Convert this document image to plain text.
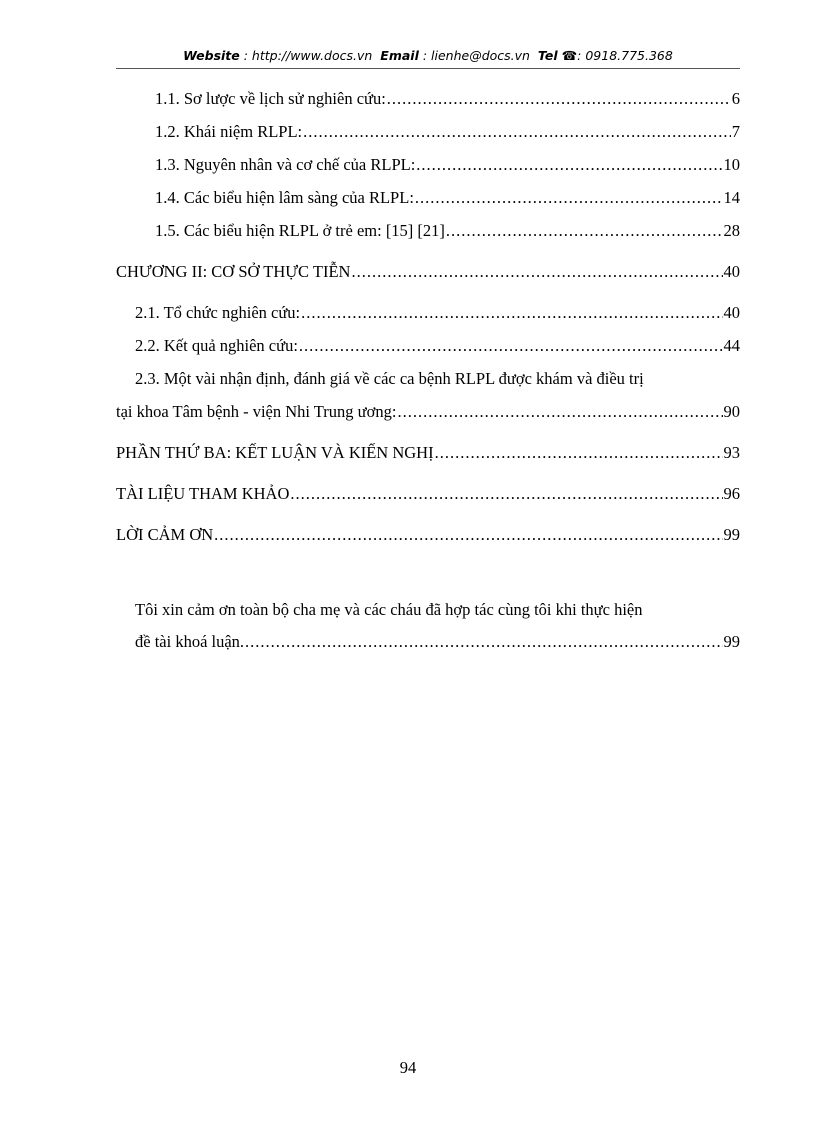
Website : http://www.docs.vn Email : lienhe@docs.vn Tel ☎: 0918.775.368
1.1. Sơ lược về lịch sử nghiên cứu: .....	6
1.2. Khái niệm RLPL: .....	7
1.3. Nguyên nhân và cơ chế của RLPL: .....	10
1.4. Các biểu hiện lâm sàng của RLPL: .....	14
1.5. Các biểu hiện RLPL ở trẻ em: [15] [21] .....	28
CHƯƠNG II: CƠ SỞ THỰC TIỄN .....	40
2.1. Tổ chức nghiên cứu: .....	40
2.2. Kết quả nghiên cứu: .....	44
2.3. Một vài nhận định, đánh giá về các ca bệnh RLPL được khám và điều trị
tại khoa Tâm bệnh - viện Nhi Trung ương: .....	90
PHẦN THỨ BA: KẾT LUẬN VÀ KIẾN NGHỊ .....	93
TÀI LIỆU THAM KHẢO .....	96
LỜI CẢM ƠN .....	99
Tôi xin cảm ơn toàn bộ cha mẹ và các cháu đã hợp tác cùng tôi khi thực hiện
đề tài khoá luận. .....	99
94
